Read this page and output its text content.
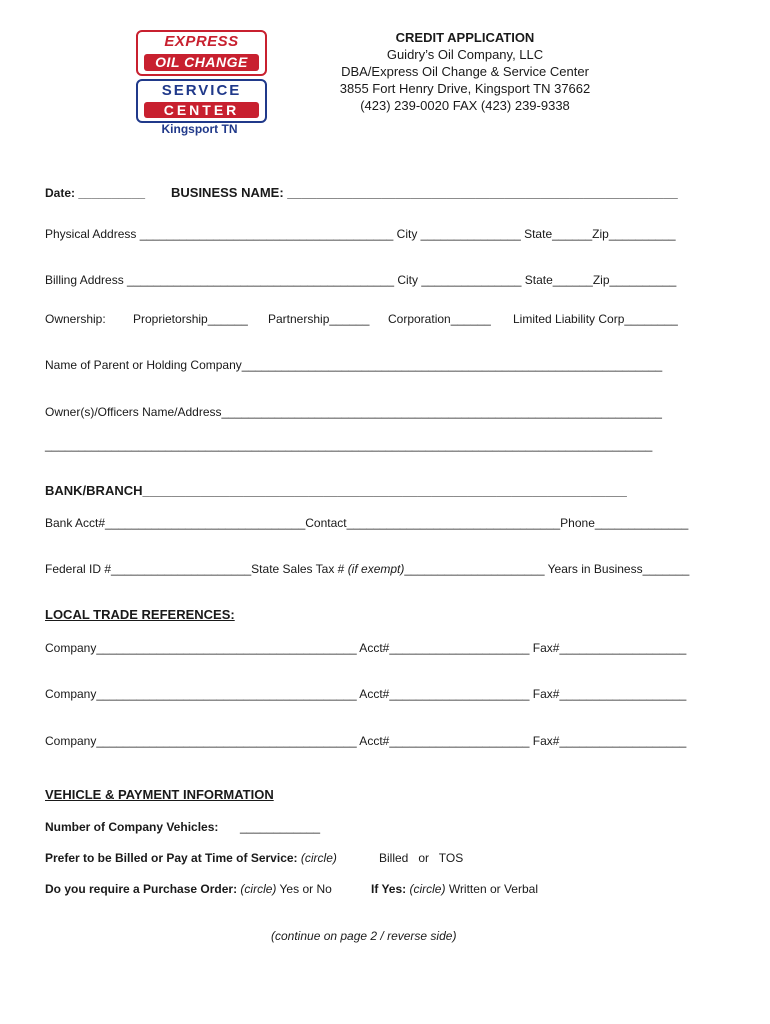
EXPRESS
OIL CHANGE
SERVICE
CENTER
Kingsport TN
CREDIT APPLICATION
Guidry’s Oil Company, LLC
DBA/Express Oil Change & Service Center
3855 Fort Henry Drive, Kingsport TN 37662
(423) 239-0020 FAX (423) 239-9338
Date: __________ BUSINESS NAME: ______________________________________________________
Physical Address ______________________________________ City _______________ State______Zip__________
Billing Address ________________________________________ City _______________ State______Zip__________
Ownership: Proprietorship______ Partnership______ Corporation______ Limited Liability Corp________
Name of Parent or Holding Company_______________________________________________________________
Owner(s)/Officers Name/Address__________________________________________________________________
___________________________________________________________________________________________
BANK/BRANCH___________________________________________________________________
Bank Acct#______________________________Contact________________________________Phone______________
Federal ID #_____________________State Sales Tax # (if exempt)_____________________ Years in Business_______
LOCAL TRADE REFERENCES:
Company_______________________________________ Acct#_____________________ Fax#___________________
Company_______________________________________ Acct#_____________________ Fax#___________________
Company_______________________________________ Acct#_____________________ Fax#___________________
VEHICLE & PAYMENT INFORMATION
Number of Company Vehicles: ____________
Prefer to be Billed or Pay at Time of Service: (circle)	Billed   or   TOS
Do you require a Purchase Order: (circle) Yes or No	If Yes: (circle) Written or Verbal
(continue on page 2 / reverse side)
